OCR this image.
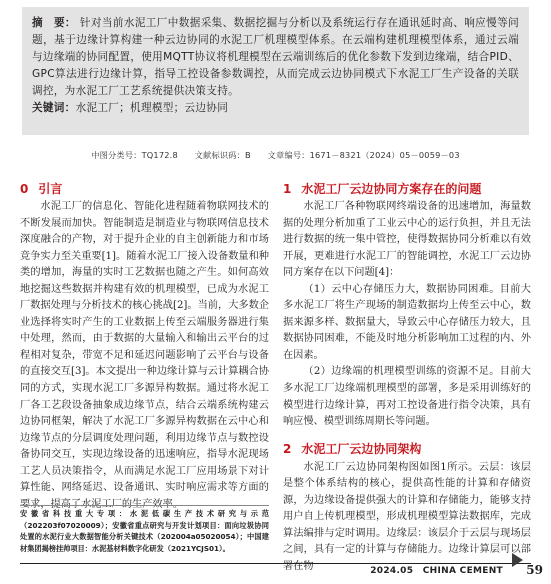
摘　要： 针对当前水泥工厂中数据采集、数据挖掘与分析以及系统运行存在通讯延时高、响应慢等问题，基于边缘计算构建一种云边协同的水泥工厂机理模型体系。在云端构建机理模型体系，通过云端与边缘端的协同配置，使用MQTT协议将机理模型在云端训练后的优化参数下发到边缘端，结合PID、GPC算法进行边缘计算，指导工控设备参数调控，从而完成云边协同模式下水泥工厂生产设备的关联调控，为水泥工厂工艺系统提供决策支持。

关键词：水泥工厂；机理模型；云边协同

中图分类号：TQ172.8 文献标识码：B 文章编号：1671－8321（2024）05－0059－03
0 引言

水泥工厂的信息化、智能化进程随着物联网技术的不断发展而加快。智能制造是制造业与物联网信息技术深度融合的产物，对于提升企业的自主创新能力和市场竞争实力至关重要[1]。随着水泥工厂接入设备数量和种类的增加，海量的实时工艺数据也随之产生。如何高效地挖掘这些数据并构建有效的机理模型，已成为水泥工厂数据处理与分析技术的核心挑战[2]。当前，大多数企业选择将实时产生的工业数据上传至云端服务器进行集中处理，然而，由于数据的大量输入和输出云平台的过程相对复杂，带宽不足和延迟问题影响了云平台与设备的直接交互[3]。本文提出一种边缘计算与云计算耦合协同的方式，实现水泥工厂多源异构数据。通过将水泥工厂各工艺段设备抽象成边缘节点，结合云端系统构建云边协同框架，解决了水泥工厂多源异构数据在云中心和边缘节点的分层调度处理问题，利用边缘节点与数控设备协同交互，实现边缘设备的迅速响应，指导水泥现场工艺人员决策指令，从而满足水泥工厂应用场景下对计算性能、网络延迟、设备通讯、实时响应需求等方面的要求，提高了水泥工厂的生产效率。

安徽省科技重大专项：水泥低碳生产技术研究与示范（202203f07020009）；安徽省重点研究与开发计划项目：面向垃圾协同处置的水泥行业大数据智能分析关键技术（202004a05020054）；中国建材集团揭榜挂帅项目：水泥基材料数字化研发（2021YCJS01）。

1 水泥工厂云边协同方案存在的问题

水泥工厂各种物联网终端设备的迅速增加，海量数据的处理分析加重了工业云中心的运行负担，并且无法进行数据的统一集中管控，使得数据协同分析难以有效开展，更难进行水泥工厂的智能调控，水泥工厂云边协同方案存在以下问题[4]：

（1）云中心存储压力大，数据协同困难。目前大多水泥工厂将生产现场的制造数据均上传至云中心，数据来源多样、数据量大，导致云中心存储压力较大，且数据协同困难，不能及时地分析影响加工过程的内、外在因素。

（2）边缘端的机理模型训练的资源不足。目前大多水泥工厂边缘端机理模型的部署，多是采用训练好的模型进行边缘计算，再对工控设备进行指令决策，具有响应慢、模型训练周期长等问题。

2 水泥工厂云边协同架构

水泥工厂云边协同架构图如图1所示。云层：该层是整个体系结构的核心，提供高性能的计算和存储资源，为边缘设备提供强大的计算和存储能力，能够支持用户自上传机理模型，形成机理模型算法数据库，完成算法编排与定时调用。边缘层：该层介于云层与现场层之间，具有一定的计算与存储能力。边缘计算层可以部署在物	2024.05 CHINA CEMENT 59
